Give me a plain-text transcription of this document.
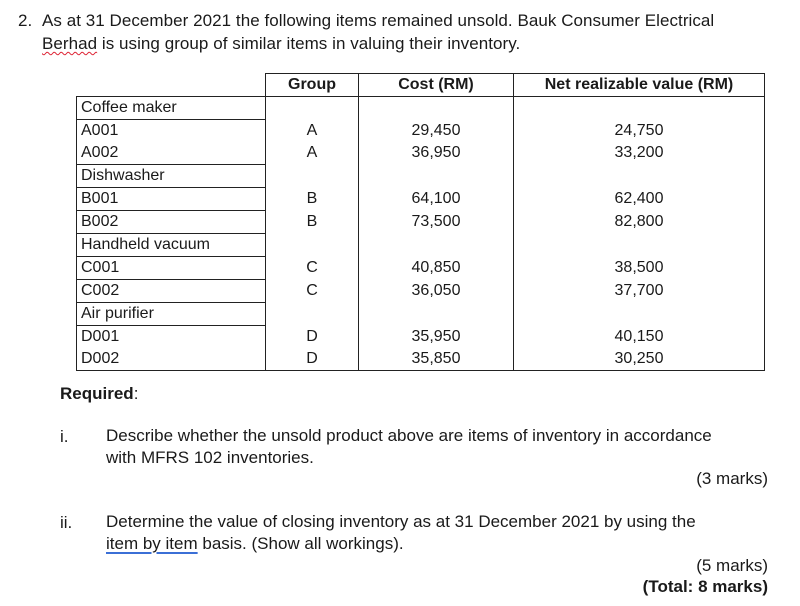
2. As at 31 December 2021 the following items remained unsold. Bauk Consumer Electrical
Berhad is using group of similar items in valuing their inventory.
	Group	Cost (RM)	Net realizable value (RM)
Coffee maker			
A001	A	29,450	24,750
A002	A	36,950	33,200
Dishwasher			
B001	B	64,100	62,400
B002	B	73,500	82,800
Handheld vacuum			
C001	C	40,850	38,500
C002	C	36,050	37,700
Air purifier			
D001	D	35,950	40,150
D002	D	35,850	30,250
Required:
i. Describe whether the unsold product above are items of inventory in accordance
with MFRS 102 inventories.
(3 marks)
ii. Determine the value of closing inventory as at 31 December 2021 by using the
item by item basis. (Show all workings).
(5 marks)
(Total: 8 marks)
